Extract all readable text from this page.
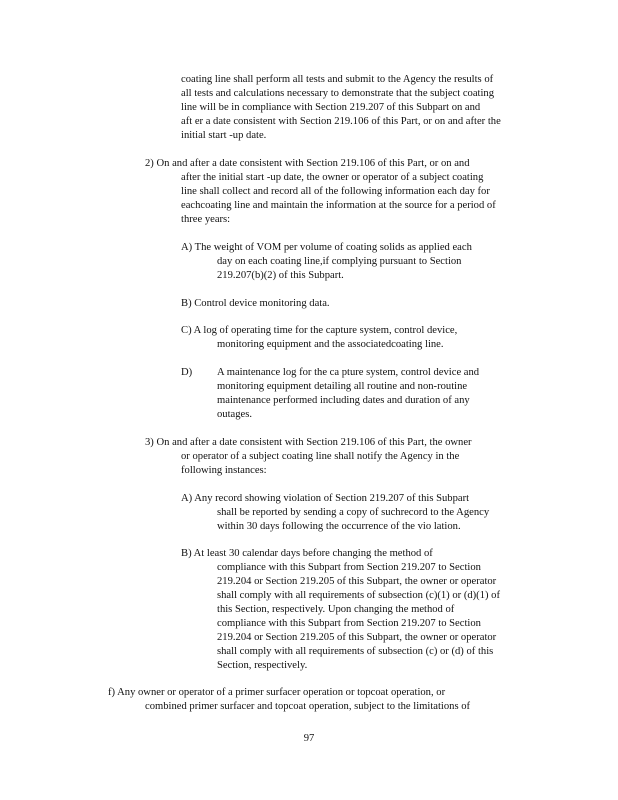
coating line shall perform all tests and submit to the Agency the results of
all tests and calculations necessary to demonstrate that the subject coating
line will be in compliance with Section 219.207 of this Subpart on and
aft er a date consistent with Section 219.106 of this Part, or on and after the
initial start -up date.
2) On and after a date consistent with Section 219.106 of this Part, or on and
after the initial start -up date, the owner or operator of a subject coating
line shall collect and record all of the following information each day for
eachcoating line and maintain the information at the source for a period of
three years:
A) The weight of VOM per volume of coating solids as applied each
day on each coating line,if complying pursuant to Section
219.207(b)(2) of this Subpart.
B) Control device monitoring data.
C) A log of operating time for the capture system, control device,
monitoring equipment and the associatedcoating line.
D) A maintenance log for the ca pture system, control device and
monitoring equipment detailing all routine and non-routine
maintenance performed including dates and duration of any
outages.
3) On and after a date consistent with Section 219.106 of this Part, the owner
or operator of a subject coating line shall notify the Agency in the
following instances:
A) Any record showing violation of Section 219.207 of this Subpart
shall be reported by sending a copy of suchrecord to the Agency
within 30 days following the occurrence of the vio lation.
B) At least 30 calendar days before changing the method of
compliance with this Subpart from Section 219.207 to Section
219.204 or Section 219.205 of this Subpart, the owner or operator
shall comply with all requirements of subsection (c)(1) or (d)(1) of
this Section, respectively. Upon changing the method of
compliance with this Subpart from Section 219.207 to Section
219.204 or Section 219.205 of this Subpart, the owner or operator
shall comply with all requirements of subsection (c) or (d) of this
Section, respectively.
f) Any owner or operator of a primer surfacer operation or topcoat operation, or
combined primer surfacer and topcoat operation, subject to the limitations of
97
